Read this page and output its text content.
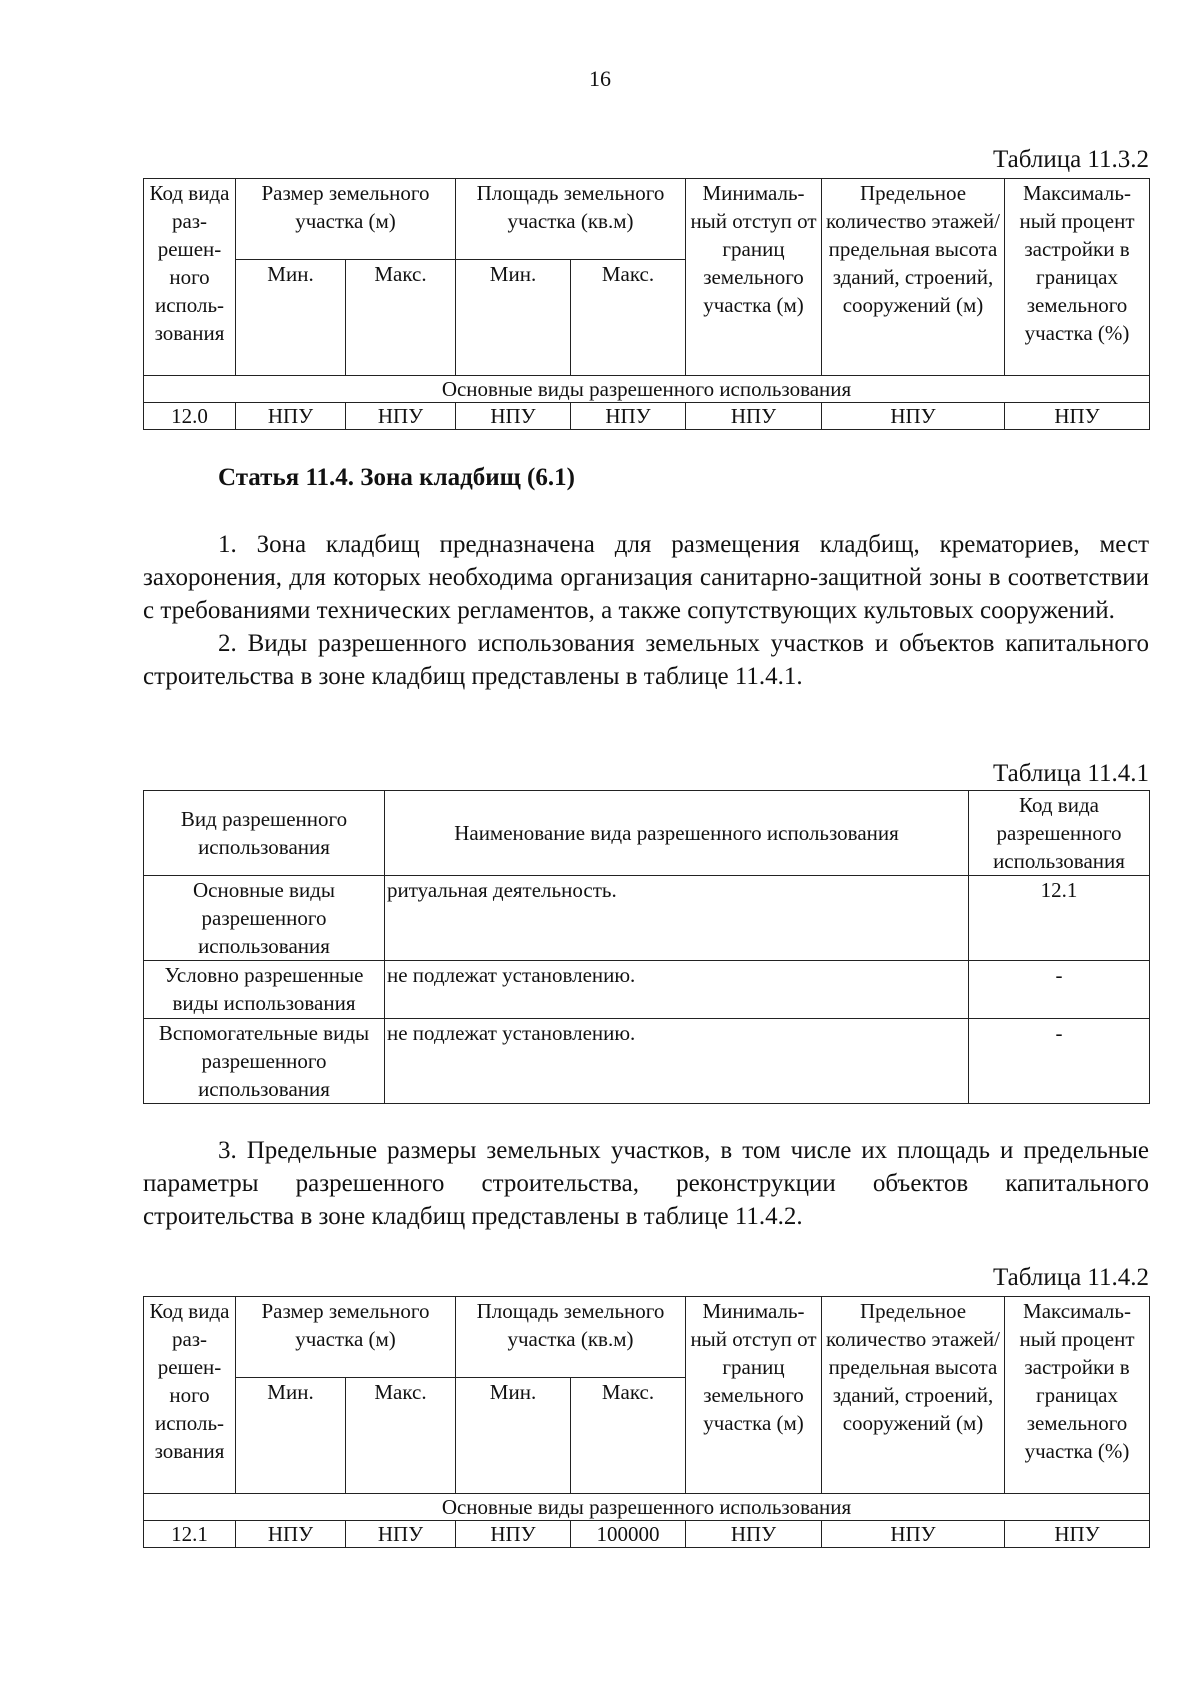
16
Таблица 11.3.2
Код вида раз-решен-ного исполь-зования	Размер земельного участка (м)		Площадь земельного участка (кв.м)		Минималь-ный отступ от границ земельного участка (м)	Предельное количество этажей/ предельная высота зданий, строений, сооружений (м)	Максималь-ный процент застройки в границах земельного участка (%)
	Мин.	Макс.	Мин.	Макс.			
Основные виды разрешенного использования							
12.0	НПУ	НПУ	НПУ	НПУ	НПУ	НПУ	НПУ
Статья 11.4. Зона кладбищ (6.1)

1. Зона кладбищ предназначена для размещения кладбищ, крематориев, мест захоронения, для которых необходима организация санитарно-защитной зоны в соответствии с требованиями технических регламентов, а также сопутствующих культовых сооружений.

2. Виды разрешенного использования земельных участков и объектов капитального строительства в зоне кладбищ представлены в таблице 11.4.1.

Таблица 11.4.1
Вид разрешенного использования	Наименование вида разрешенного использования	Код вида разрешенного использования
Основные виды разрешенного использования	ритуальная деятельность.	12.1
Условно разрешенные виды использования	не подлежат установлению.	-
Вспомогательные виды разрешенного использования	не подлежат установлению.	-

3. Предельные размеры земельных участков, в том числе их площадь и предельные параметры разрешенного строительства, реконструкции объектов капитального строительства в зоне кладбищ представлены в таблице 11.4.2.

Таблица 11.4.2
Код вида раз-решен-ного исполь-зования	Размер земельного участка (м)		Площадь земельного участка (кв.м)		Минималь-ный отступ от границ земельного участка (м)	Предельное количество этажей/ предельная высота зданий, строений, сооружений (м)	Максималь-ный процент застройки в границах земельного участка (%)
	Мин.	Макс.	Мин.	Макс.			
Основные виды разрешенного использования							
12.1	НПУ	НПУ	НПУ	100000	НПУ	НПУ	НПУ
